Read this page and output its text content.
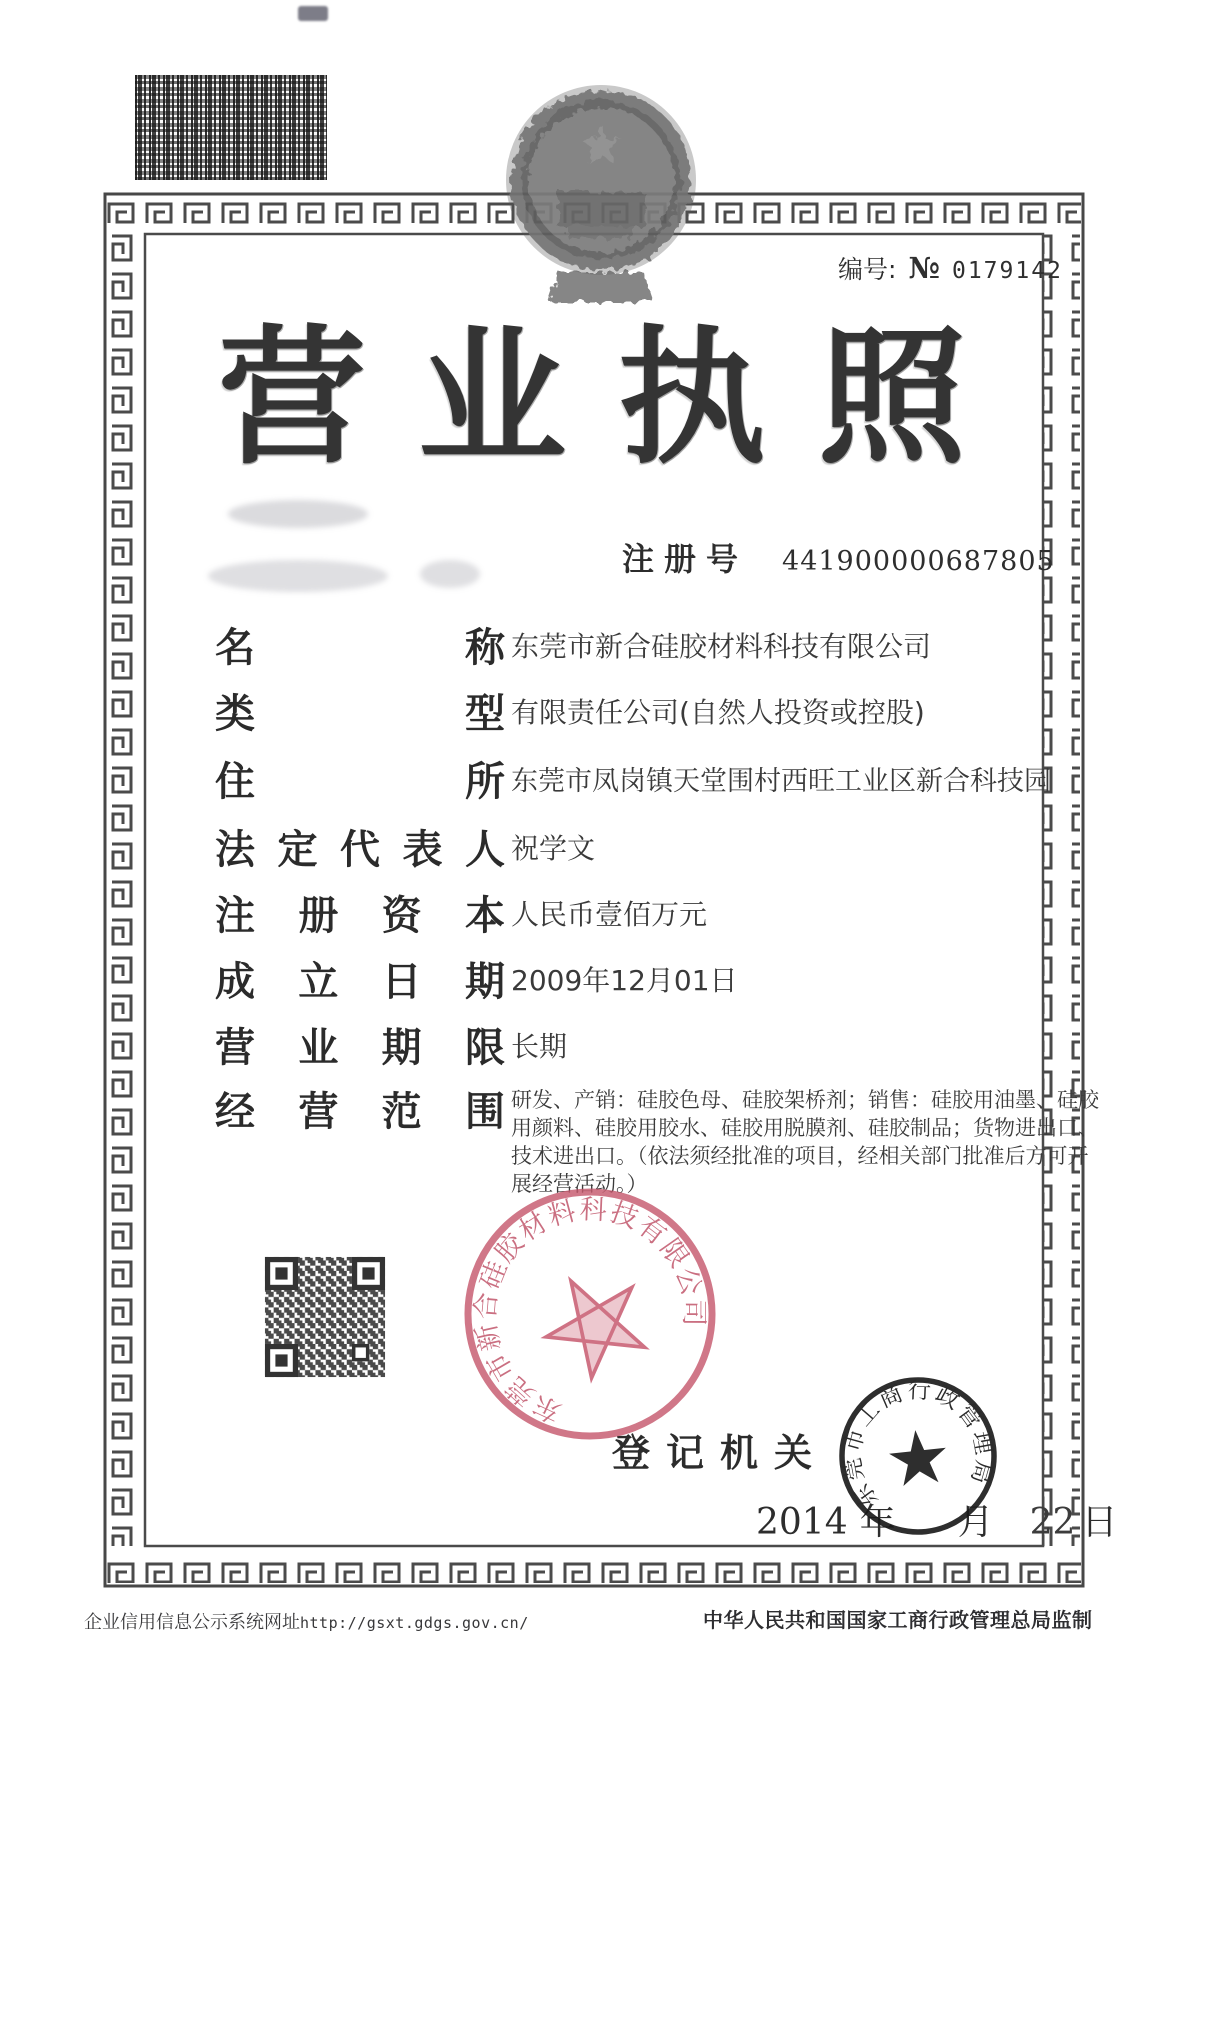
编号: № 0179142
营业执照
注册号 441900000687805
名称 东莞市新合硅胶材料科技有限公司
类型 有限责任公司(自然人投资或控股)
住所 东莞市凤岗镇天堂围村西旺工业区新合科技园
法定代表人 祝学文
注册资本 人民币壹佰万元
成立日期 2009年12月01日
营业期限 长期
经营范围 研发、产销：硅胶色母、硅胶架桥剂；销售：硅胶用油墨、硅胶用颜料、硅胶用胶水、硅胶用脱膜剂、硅胶制品；货物进出口、技术进出口。（依法须经批准的项目，经相关部门批准后方可开展经营活动。）
东莞市新合硅胶材料科技有限公司
登记机关
2014 年 月 22 日
东莞市工商行政管理局
企业信用信息公示系统网址http://gsxt.gdgs.gov.cn/	中华人民共和国国家工商行政管理总局监制
